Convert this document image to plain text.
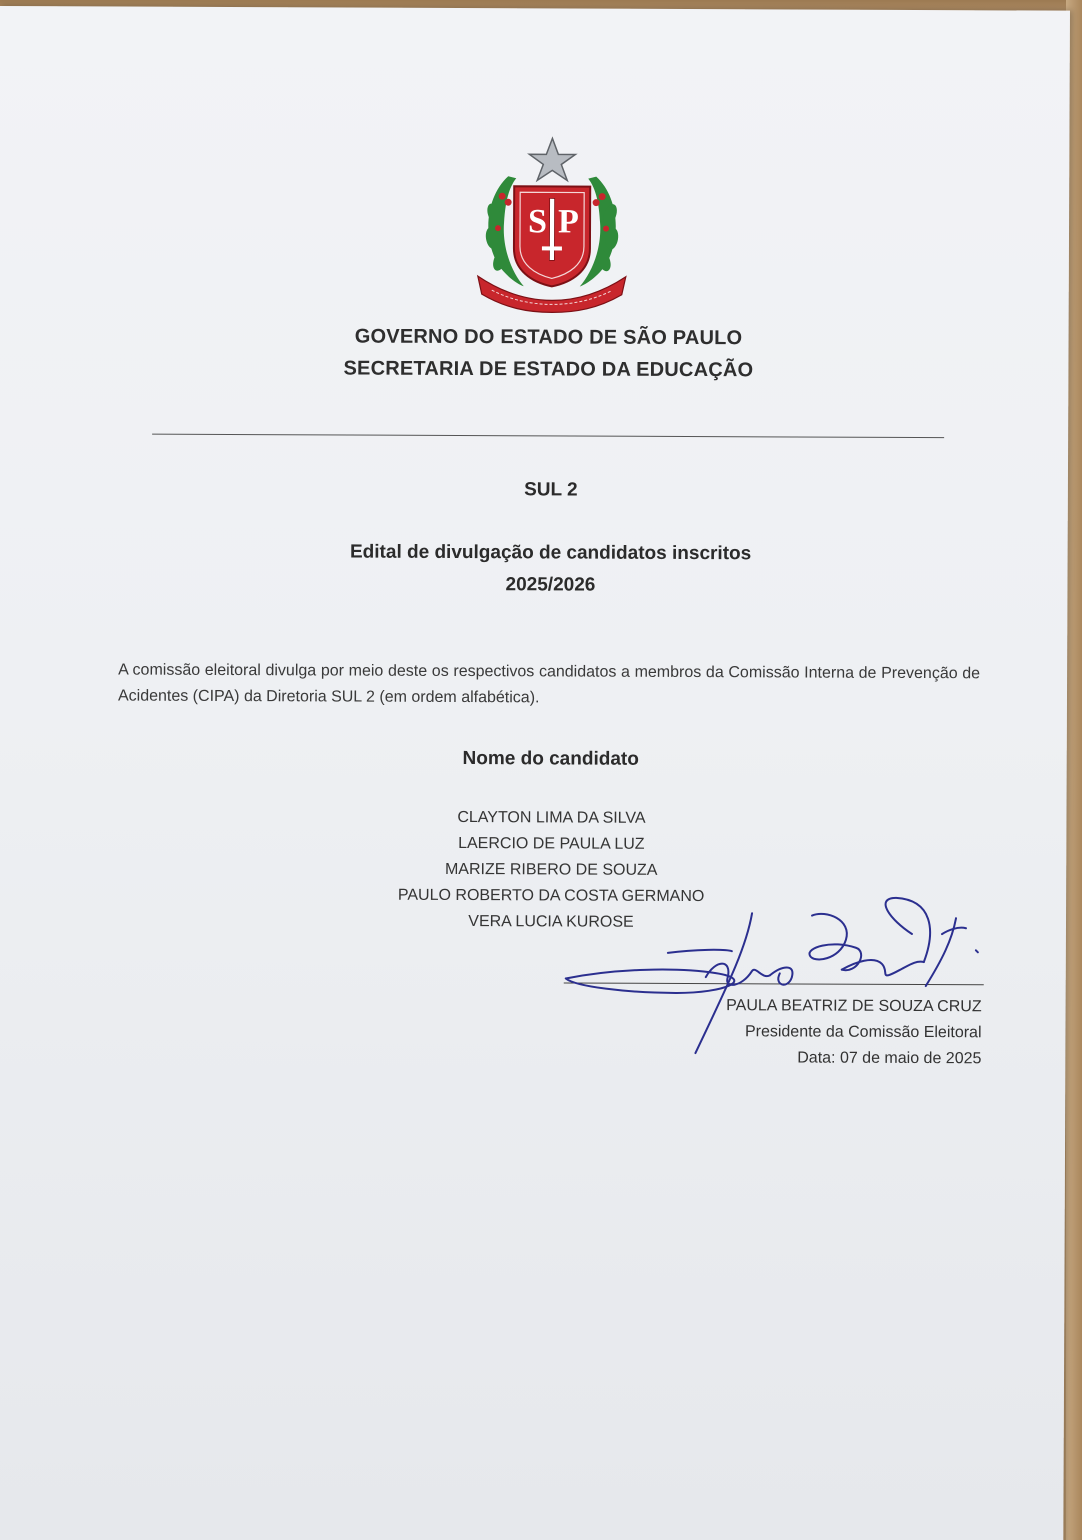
S P
GOVERNO DO ESTADO DE SÃO PAULO
SECRETARIA DE ESTADO DA EDUCAÇÃO
SUL 2
Edital de divulgação de candidatos inscritos
2025/2026
A comissão eleitoral divulga por meio deste os respectivos candidatos a membros da Comissão Interna de Prevenção de Acidentes (CIPA) da Diretoria SUL 2 (em ordem alfabética).
Nome do candidato
CLAYTON LIMA DA SILVA
LAERCIO DE PAULA LUZ
MARIZE RIBERO DE SOUZA
PAULO ROBERTO DA COSTA GERMANO
VERA LUCIA KUROSE
PAULA BEATRIZ DE SOUZA CRUZ
Presidente da Comissão Eleitoral
Data: 07 de maio de 2025
